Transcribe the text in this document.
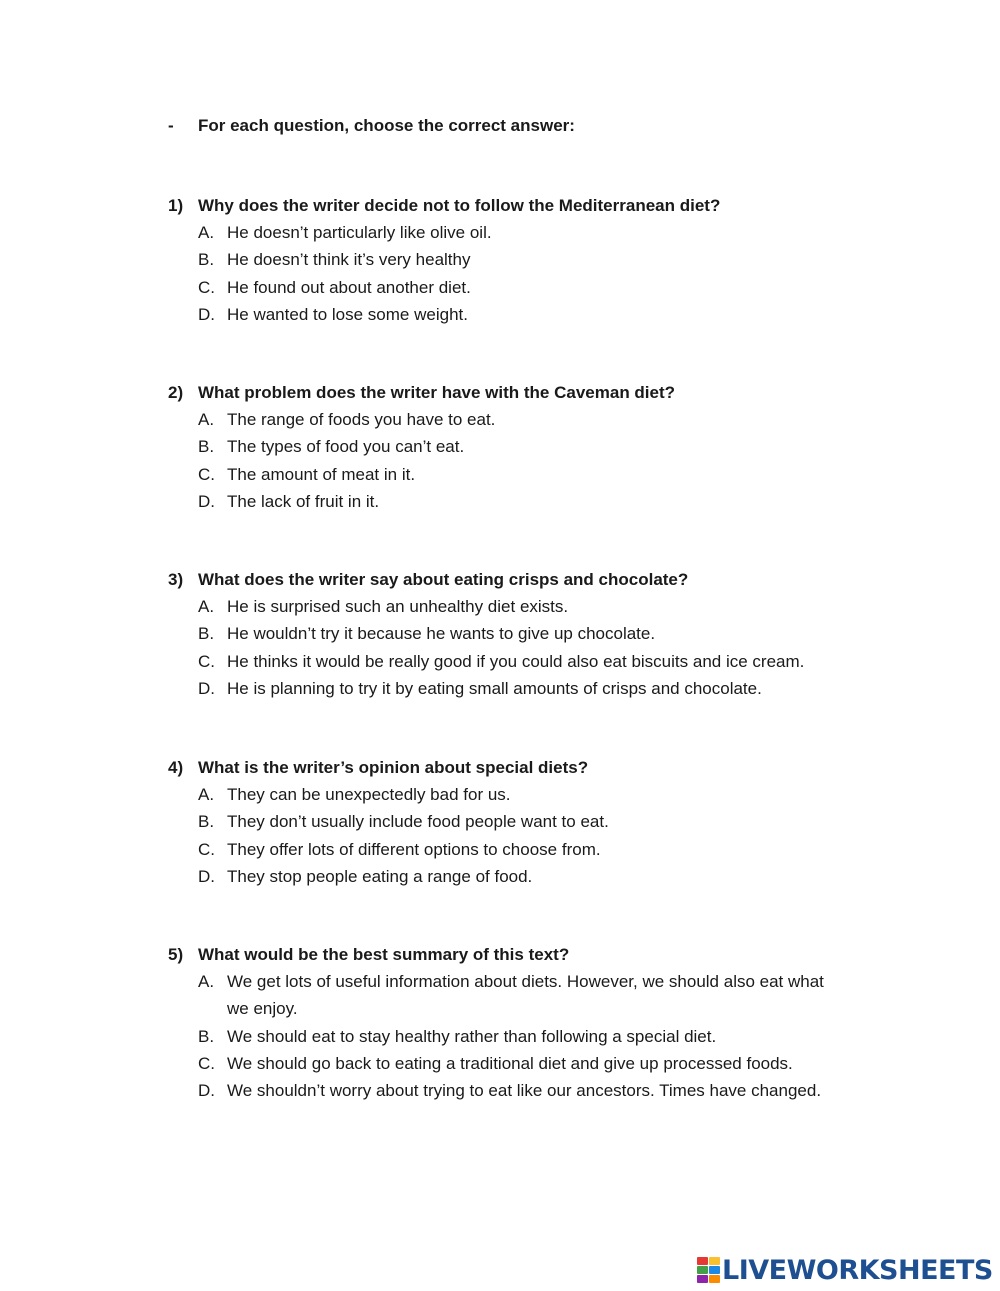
-	For each question, choose the correct answer:
1) Why does the writer decide not to follow the Mediterranean diet?
A. He doesn’t particularly like olive oil.
B. He doesn’t think it’s very healthy
C. He found out about another diet.
D. He wanted to lose some weight.
2) What problem does the writer have with the Caveman diet?
A. The range of foods you have to eat.
B. The types of food you can’t eat.
C. The amount of meat in it.
D. The lack of fruit in it.
3) What does the writer say about eating crisps and chocolate?
A. He is surprised such an unhealthy diet exists.
B. He wouldn’t try it because he wants to give up chocolate.
C. He thinks it would be really good if you could also eat biscuits and ice cream.
D. He is planning to try it by eating small amounts of crisps and chocolate.
4) What is the writer’s opinion about special diets?
A. They can be unexpectedly bad for us.
B. They don’t usually include food people want to eat.
C. They offer lots of different options to choose from.
D. They stop people eating a range of food.
5) What would be the best summary of this text?
A. We get lots of useful information about diets. However, we should also eat what we enjoy.
B. We should eat to stay healthy rather than following a special diet.
C. We should go back to eating a traditional diet and give up processed foods.
D. We shouldn’t worry about trying to eat like our ancestors. Times have changed.
LIVEWORKSHEETS
